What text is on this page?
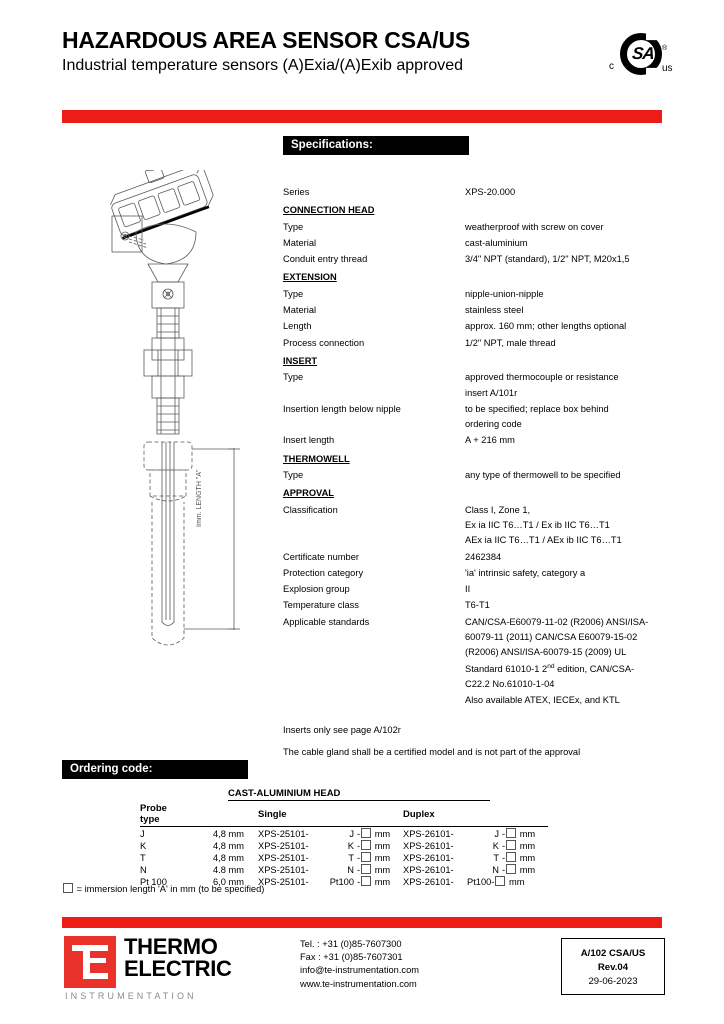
HAZARDOUS AREA SENSOR CSA/US
Industrial temperature sensors (A)Exia/(A)Exib approved
SA	®
c	us
Specifications:
Series	XPS-20.000
CONNECTION HEAD
Type	weatherproof with screw on cover
Material	cast-aluminium
Conduit entry thread	3/4" NPT (standard), 1/2" NPT, M20x1,5
EXTENSION
Type	nipple-union-nipple
Material	stainless steel
Length	approx. 160 mm; other lengths optional
Process connection	1/2" NPT, male thread
INSERT
Type	approved thermocouple or resistance
insert A/101r
Insertion length below nipple	to be specified; replace box behind
ordering code
Insert length	A + 216 mm
THERMOWELL
Type	any type of thermowell to be specified
APPROVAL
Classification	Class I, Zone 1,
Ex ia IIC T6…T1 / Ex ib IIC T6…T1
AEx ia IIC T6…T1 / AEx ib IIC T6…T1
Certificate number	2462384
Protection category	'ia' intrinsic safety, category a
Explosion group	II
Temperature class	T6-T1
Applicable standards	CAN/CSA-E60079-11-02 (R2006) ANSI/ISA-
60079-11 (2011) CAN/CSA E60079-15-02
(R2006) ANSI/ISA-60079-15 (2009) UL
Standard 61010-1 2nd edition, CAN/CSA-
C22.2 No.61010-1-04
Also available ATEX, IECEx, and KTL
Inserts only see page A/102r
The cable gland shall be a certified model and is not part of the approval
Imm. LENGTH "A"
Ordering code:
CAST-ALUMINIUM HEAD
Probe type		Single			Duplex		
J	4,8 mm	XPS-25101-	J	- mm	XPS-26101-	J	- mm
K	4,8 mm	XPS-25101-	K	- mm	XPS-26101-	K	- mm
T	4,8 mm	XPS-25101-	T	- mm	XPS-26101-	T	- mm
N	4.8 mm	XPS-25101-	N	- mm	XPS-26101-	N	- mm
Pt 100	6,0 mm	XPS-25101-	Pt100	- mm	XPS-26101-	Pt100- mm	
= immersion length 'A' in mm (to be specified)
THERMO
ELECTRIC
INSTRUMENTATION
Tel. : +31 (0)85-7607300
Fax : +31 (0)85-7607301
info@te-instrumentation.com
www.te-instrumentation.com
A/102 CSA/US
Rev.04
29-06-2023
